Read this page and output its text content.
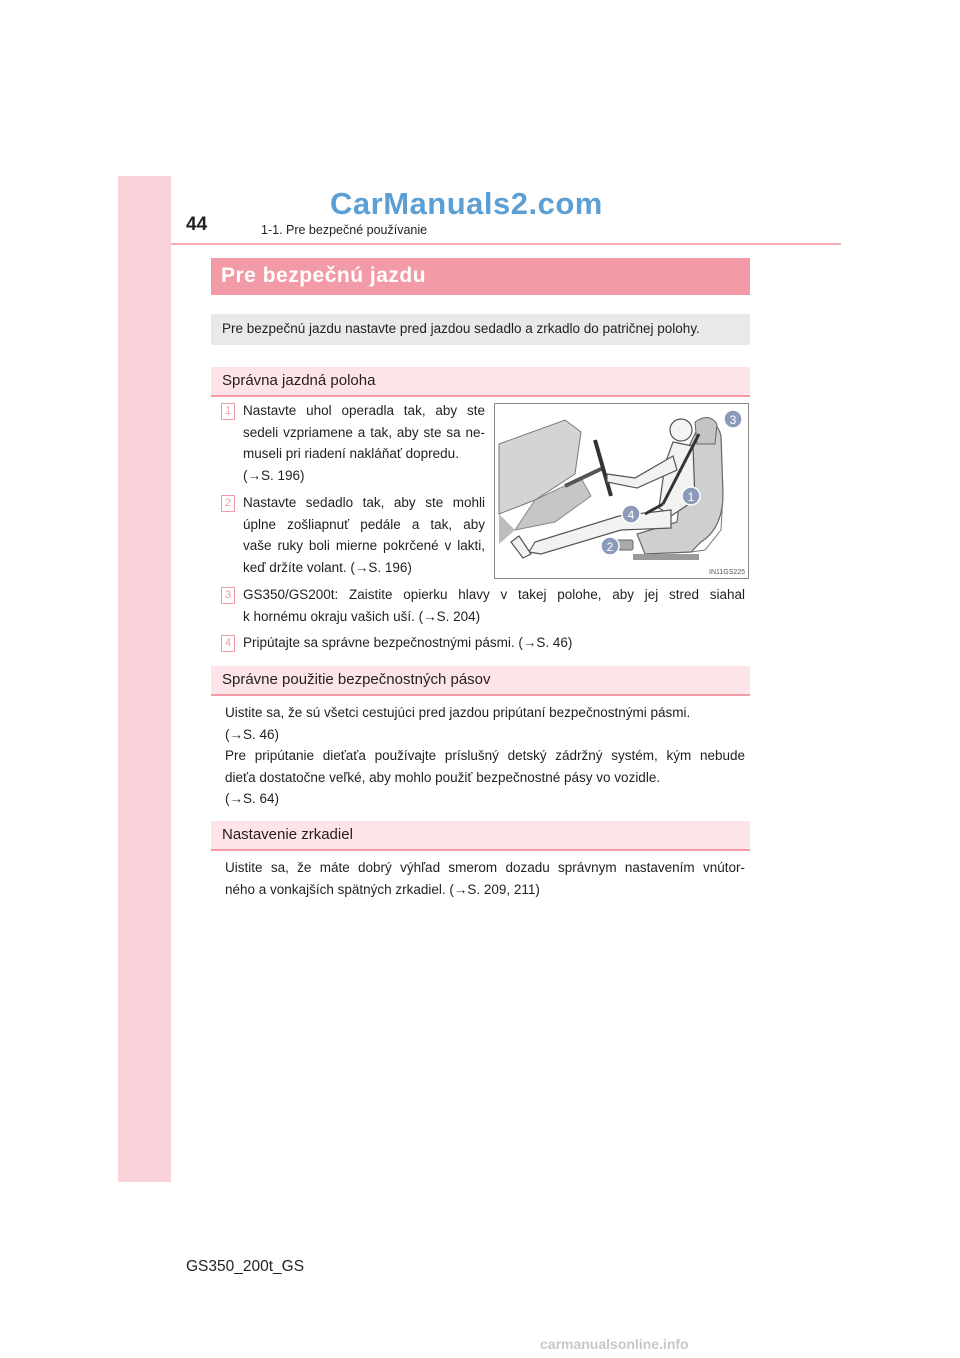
CarManuals2.com
44	1-1. Pre bezpečné používanie
Pre bezpečnú jazdu
Pre bezpečnú jazdu nastavte pred jazdou sedadlo a zrkadlo do patričnej polohy.
Správna jazdná poloha
1 Nastavte uhol operadla tak, aby ste
sedeli vzpriamene a tak, aby ste sa ne-
museli pri riadení nakláňať dopredu.
(→S. 196)
2 Nastavte sedadlo tak, aby ste mohli
úplne zošliapnuť pedále a tak, aby
vaše ruky boli mierne pokrčené v lakti,
keď držíte volant. (→S. 196)
1
2
3
4
IN11GS225
3 GS350/GS200t: Zaistite opierku hlavy v takej polohe, aby jej stred siahal
k hornému okraju vašich uší. (→S. 204)
4 Pripútajte sa správne bezpečnostnými pásmi. (→S. 46)
Správne použitie bezpečnostných pásov
Uistite sa, že sú všetci cestujúci pred jazdou pripútaní bezpečnostnými pásmi.
(→S. 46)
Pre pripútanie dieťaťa používajte príslušný detský zádržný systém, kým nebude
dieťa dostatočne veľké, aby mohlo použiť bezpečnostné pásy vo vozidle.
(→S. 64)
Nastavenie zrkadiel
Uistite sa, že máte dobrý výhľad smerom dozadu správnym nastavením vnútor-
ného a vonkajších spätných zrkadiel. (→S. 209, 211)
GS350_200t_GS
carmanualsonline.info
